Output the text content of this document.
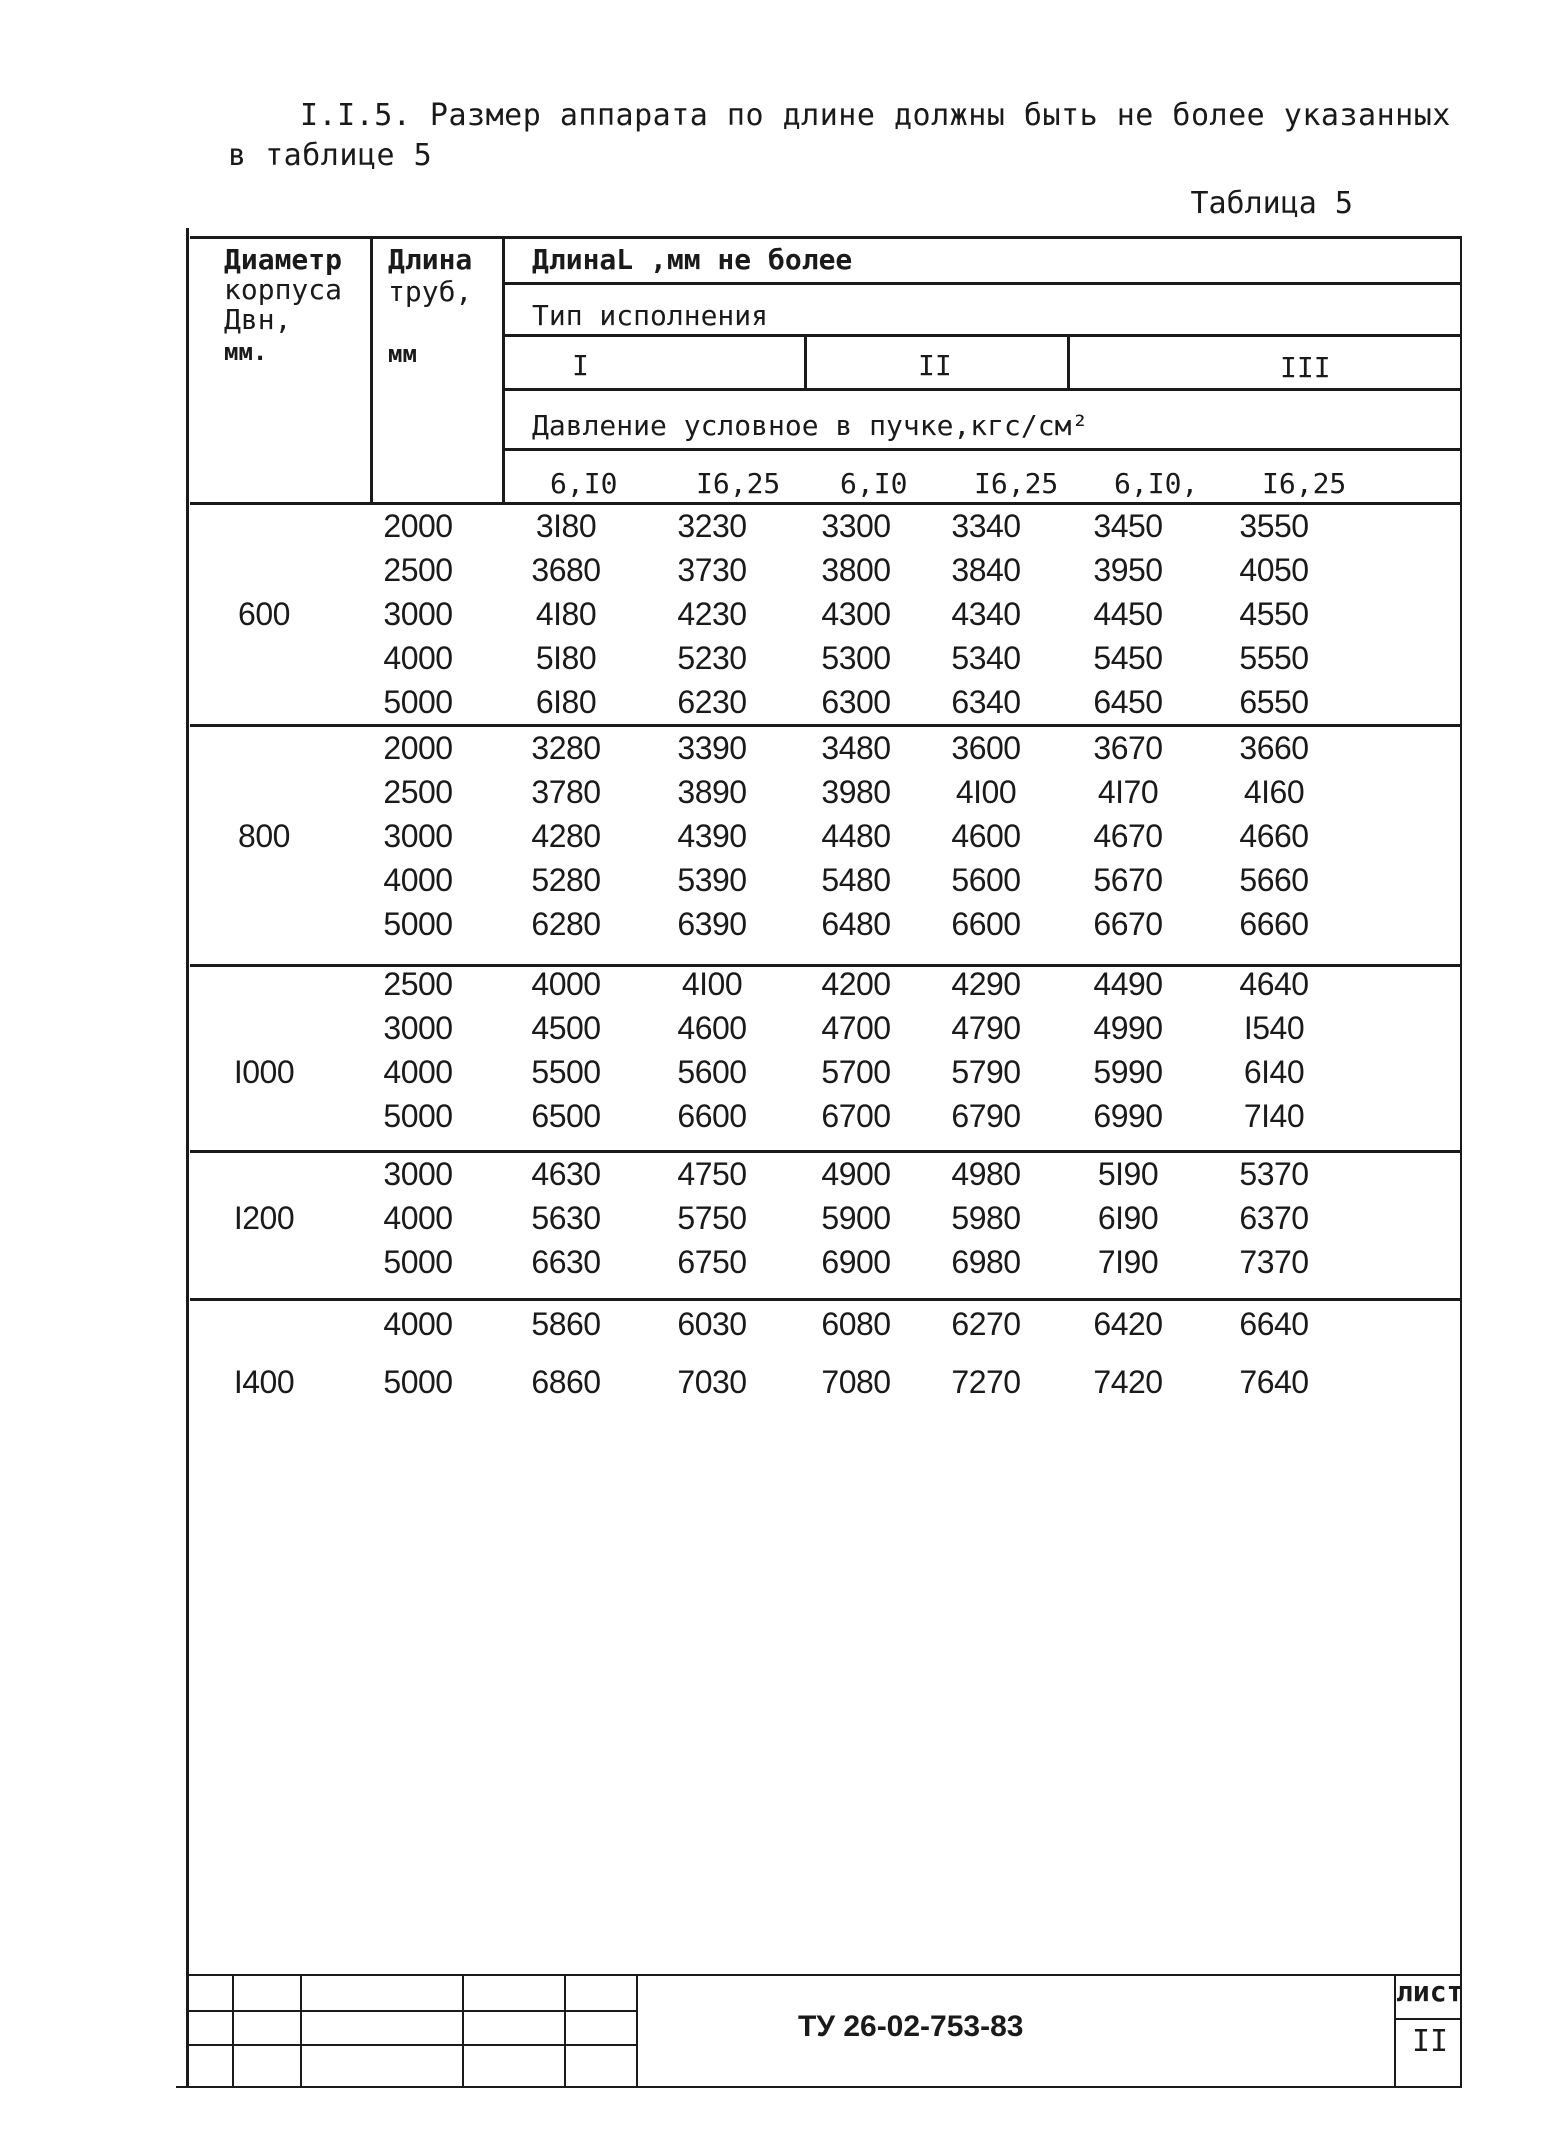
I.I.5. Размер аппарата по длине должны быть не более указанных
в таблице 5
Таблица 5
Диаметр
корпуса
Двн,
мм.
Длина
труб,
мм
ДлинаL ,мм не более
Тип исполнения
I	II	III
Давление условное в пучке,кгс/см²
6,I0	I6,25 6,I0 I6,25 6,I0, I6,25
600
2000	3I80	3230 3300 3340 3450 3550
2500 3680 3730 3800 3840 3950 4050
3000	4I80	4230 4300 4340 4450 4550
4000	5I80	5230 5300 5340 5450 5550
5000	6I80	6230 6300 6340 6450 6550
800
2000 3280 3390 3480 3600 3670 3660
2500 3780 3890 3980 4I00	4I70	4I60
3000 4280 4390 4480 4600 4670 4660
4000 5280 5390 5480 5600 5670 5660
5000 6280 6390 6480 6600 6670 6660
I000
2500 4000	4I00 4200 4290 4490 4640
3000 4500 4600 4700 4790 4990	I540
4000 5500 5600 5700 5790 5990	6I40
5000 6500 6600 6700 6790 6990	7I40
I200
3000 4630 4750 4900 4980 5I90	5370
4000 5630 5750 5900 5980 6I90	6370
5000 6630 6750 6900 6980 7I90	7370
I400
4000 5860 6030 6080 6270 6420 6640
5000 6860 7030 7080 7270 7420 7640
ТУ 26-02-753-83
лист
II
